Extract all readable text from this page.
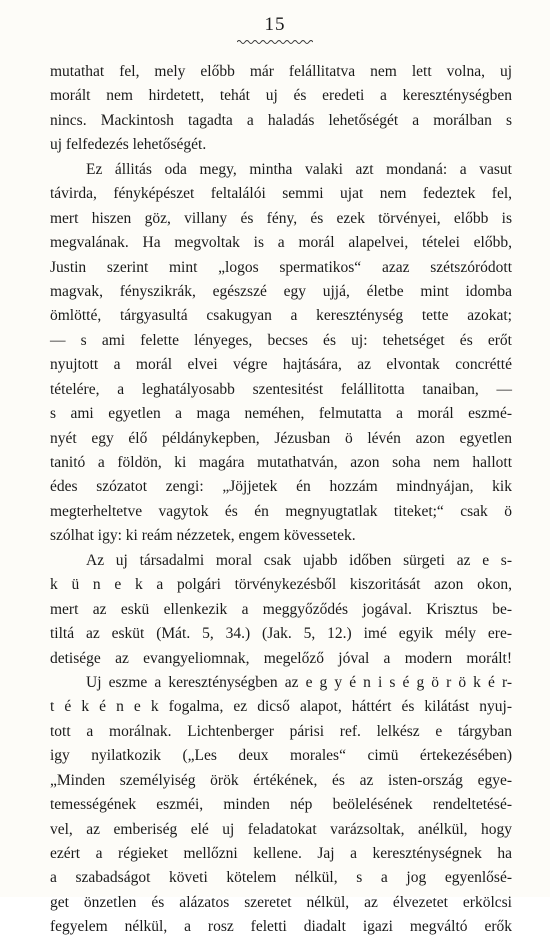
15
mutathat fel, mely előbb már felállitatva nem lett volna, uj
morált nem hirdetett, tehát uj és eredeti a kereszténységben
nincs. Mackintosh tagadta a haladás lehetőségét a morálban s
uj felfedezés lehetőségét.
Ez állitás oda megy, mintha valaki azt mondaná: a vasut
távirda, fényképészet feltalálói semmi ujat nem fedeztek fel,
mert hiszen göz, villany és fény, és ezek törvényei, előbb is
megvalának. Ha megvoltak is a morál alapelvei, tételei előbb,
Justin szerint mint „logos spermatikos“ azaz szétszóródott
magvak, fényszikrák, egészszé egy ujjá, életbe mint idomba
ömlötté, tárgyasultá csakugyan a kereszténység tette azokat;
— s ami felette lényeges, becses és uj: tehetséget és erőt
nyujtott a morál elvei végre hajtására, az elvontak concrétté
tételére, a leghatályosabb szentesitést felállitotta tanaiban, —
s ami egyetlen a maga neméhen, felmutatta a morál eszmé-
nyét egy élő példánykepben, Jézusban ö lévén azon egyetlen
tanitó a földön, ki magára mutathatván, azon soha nem hallott
édes szózatot zengi: „Jöjjetek én hozzám mindnyájan, kik
megterheltetve vagytok és én megnyugtatlak titeket;“ csak ö
szólhat igy: ki reám nézzetek, engem kövessetek.
Az uj társadalmi moral csak ujabb időben sürgeti az e s-
k ü n e k a polgári törvénykezésből kiszoritását azon okon,
mert az eskü ellenkezik a meggyőződés jogával. Krisztus be-
tiltá az esküt (Mát. 5, 34.) (Jak. 5, 12.) imé egyik mély ere-
detisége az evangyeliomnak, megelőző jóval a modern morált!
Uj eszme a kereszténységben az e g y é n i s é g ö r ö k é r-
t é k é n e k fogalma, ez dicső alapot, háttért és kilátást nyuj-
tott a morálnak. Lichtenberger párisi ref. lelkész e tárgyban
igy nyilatkozik („Les deux morales“ cimü értekezésében)
„Minden személyiség örök értékének, és az isten-ország egye-
temességének eszméi, minden nép beölelésének rendeltetésé-
vel, az emberiség elé uj feladatokat varázsoltak, anélkül, hogy
ezért a régieket mellőzni kellene. Jaj a kereszténységnek ha
a szabadságot követi kötelem nélkül, s a jog egyenlősé-
get önzetlen és alázatos szeretet nélkül, az élvezetet erkölcsi
fegyelem nélkül, a rosz feletti diadalt igazi megváltó erők
